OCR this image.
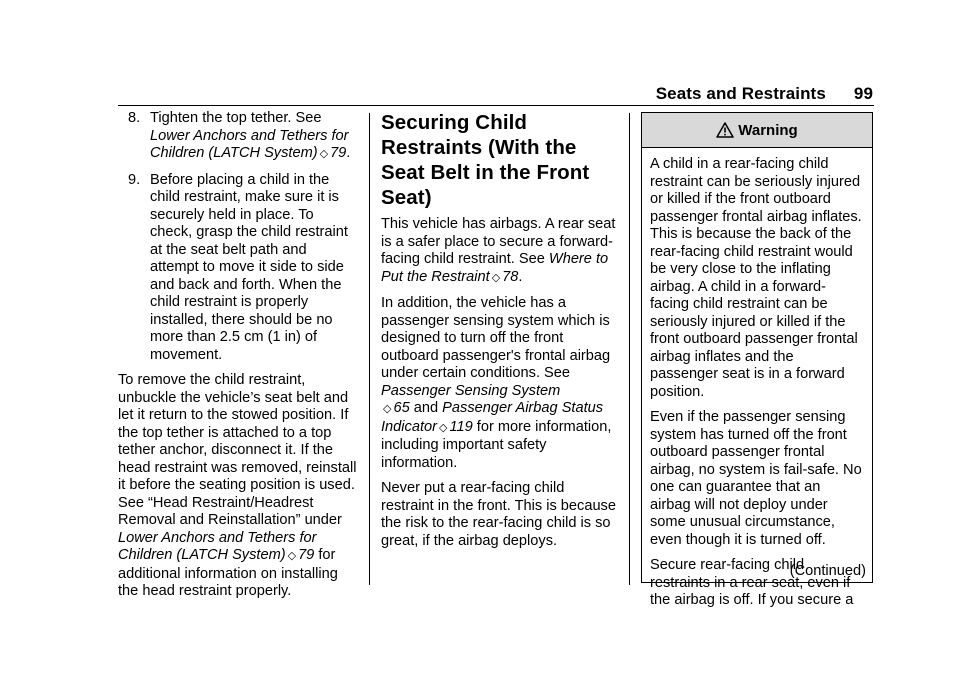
Seats and Restraints 99
8. Tighten the top tether. See Lower Anchors and Tethers for Children (LATCH System) ◇ 79.
9. Before placing a child in the child restraint, make sure it is securely held in place. To check, grasp the child restraint at the seat belt path and attempt to move it side to side and back and forth. When the child restraint is properly installed, there should be no more than 2.5 cm (1 in) of movement.

To remove the child restraint, unbuckle the vehicle’s seat belt and let it return to the stowed position. If the top tether is attached to a top tether anchor, disconnect it. If the head restraint was removed, reinstall it before the seating position is used. See “Head Restraint/Headrest Removal and Reinstallation” under Lower Anchors and Tethers for Children (LATCH System) ◇ 79 for additional information on installing the head restraint properly.

Securing Child Restraints (With the Seat Belt in the Front Seat)

This vehicle has airbags. A rear seat is a safer place to secure a forward-facing child restraint. See Where to Put the Restraint ◇ 78.

In addition, the vehicle has a passenger sensing system which is designed to turn off the front outboard passenger's frontal airbag under certain conditions. See Passenger Sensing System
◇ 65 and Passenger Airbag Status Indicator ◇ 119 for more information, including important safety information.

Never put a rear-facing child restraint in the front. This is because the risk to the rear-facing child is so great, if the airbag deploys.

Warning

A child in a rear-facing child restraint can be seriously injured or killed if the front outboard passenger frontal airbag inflates. This is because the back of the rear-facing child restraint would be very close to the inflating airbag. A child in a forward-facing child restraint can be seriously injured or killed if the front outboard passenger frontal airbag inflates and the passenger seat is in a forward position.

Even if the passenger sensing system has turned off the front outboard passenger frontal airbag, no system is fail-safe. No one can guarantee that an airbag will not deploy under some unusual circumstance, even though it is turned off.

Secure rear-facing child restraints in a rear seat, even if the airbag is off. If you secure a

(Continued)
